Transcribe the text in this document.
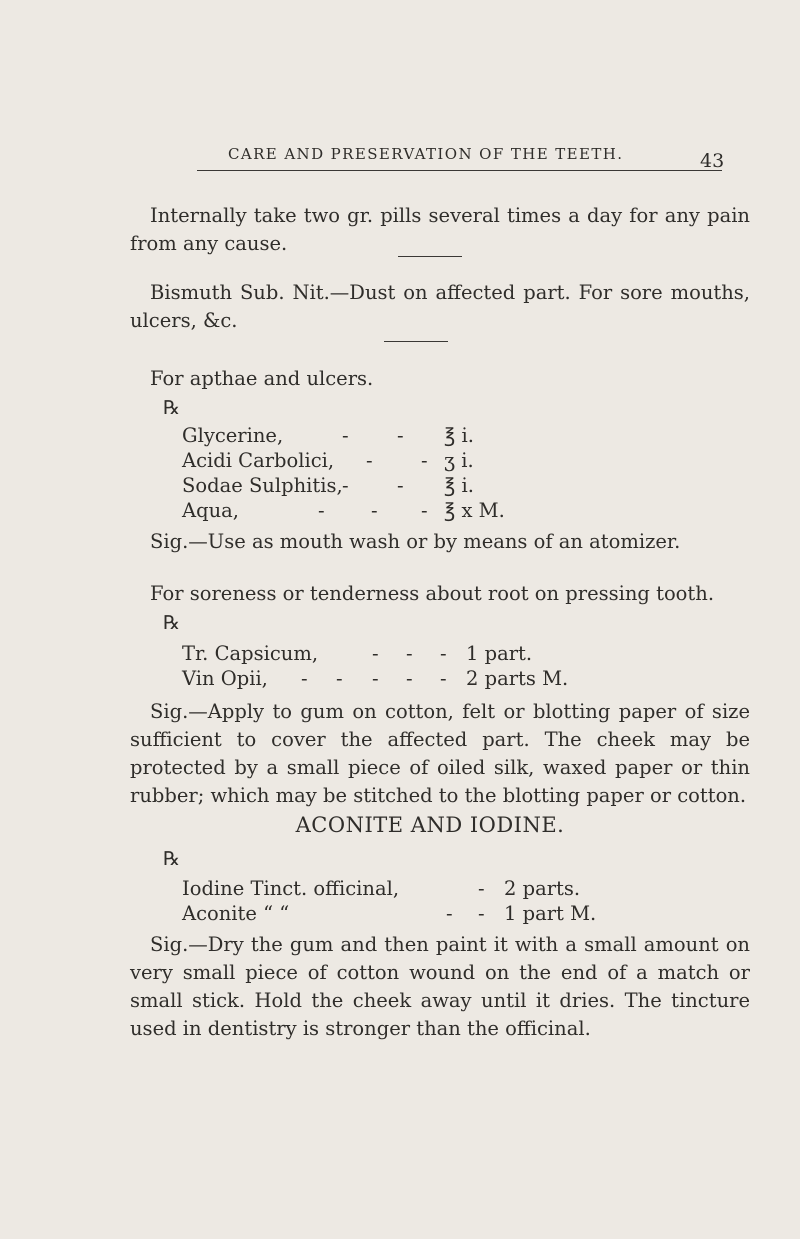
CARE AND PRESERVATION OF THE TEETH.	43
Internally take two gr. pills several times a day for any pain from any cause.
Bismuth Sub. Nit.—Dust on affected part. For sore mouths, ulcers, &c.
For apthae and ulcers.
℞
Glycerine,	- - ℥ i.
Acidi Carbolici, - - ʒ i.
Sodae Sulphitis, - - ℥ i.
Aqua,	- - - ℥ x M.
Sig.—Use as mouth wash or by means of an atomizer.
For soreness or tenderness about root on pressing tooth.
℞
Tr. Capsicum,	- - - 1 part.
Vin Opii, - - - - - 2 parts M.
Sig.—Apply to gum on cotton, felt or blotting paper of size sufficient to cover the affected part. The cheek may be protected by a small piece of oiled silk, waxed paper or thin rubber; which may be stitched to the blotting paper or cotton.
ACONITE AND IODINE.
℞
Iodine Tinct. officinal,	- 2 parts.
Aconite “ “	- - 1 part M.
Sig.—Dry the gum and then paint it with a small amount on very small piece of cotton wound on the end of a match or small stick. Hold the cheek away until it dries. The tincture used in dentistry is stronger than the officinal.
